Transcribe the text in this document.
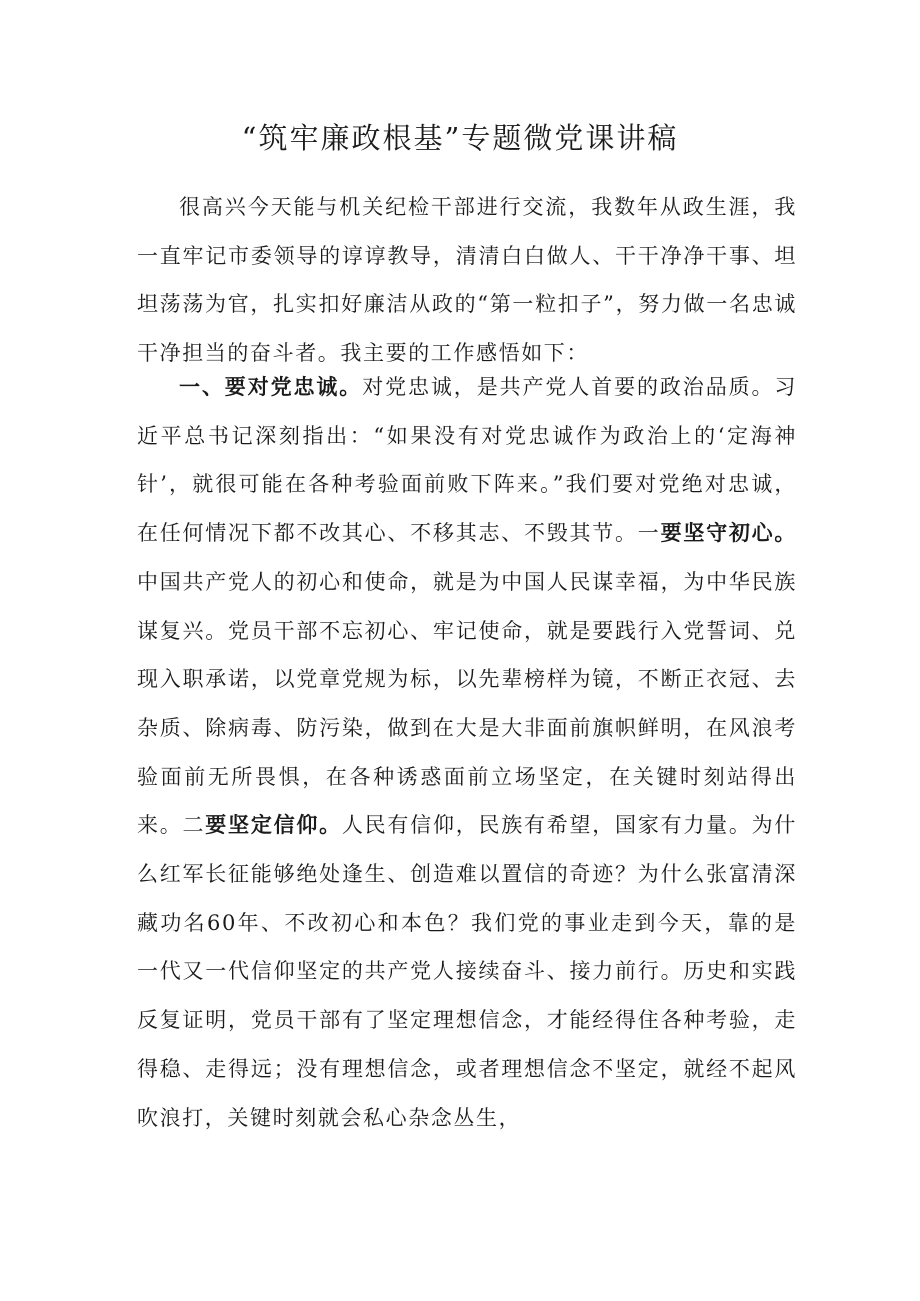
“筑牢廉政根基”专题微党课讲稿

很高兴今天能与机关纪检干部进行交流，我数年从政生涯，我一直牢记市委领导的谆谆教导，清清白白做人、干干净净干事、坦坦荡荡为官，扎实扣好廉洁从政的“第一粒扣子”，努力做一名忠诚干净担当的奋斗者。我主要的工作感悟如下：

一、要对党忠诚。对党忠诚，是共产党人首要的政治品质。习近平总书记深刻指出：“如果没有对党忠诚作为政治上的‘定海神针’，就很可能在各种考验面前败下阵来。”我们要对党绝对忠诚，在任何情况下都不改其心、不移其志、不毁其节。一要坚守初心。中国共产党人的初心和使命，就是为中国人民谋幸福，为中华民族谋复兴。党员干部不忘初心、牢记使命，就是要践行入党誓词、兑现入职承诺，以党章党规为标，以先辈榜样为镜，不断正衣冠、去杂质、除病毒、防污染，做到在大是大非面前旗帜鲜明，在风浪考验面前无所畏惧，在各种诱惑面前立场坚定，在关键时刻站得出来。二要坚定信仰。人民有信仰，民族有希望，国家有力量。为什么红军长征能够绝处逢生、创造难以置信的奇迹？为什么张富清深藏功名60年、不改初心和本色？我们党的事业走到今天，靠的是一代又一代信仰坚定的共产党人接续奋斗、接力前行。历史和实践反复证明，党员干部有了坚定理想信念，才能经得住各种考验，走得稳、走得远；没有理想信念，或者理想信念不坚定，就经不起风吹浪打，关键时刻就会私心杂念丛生，
